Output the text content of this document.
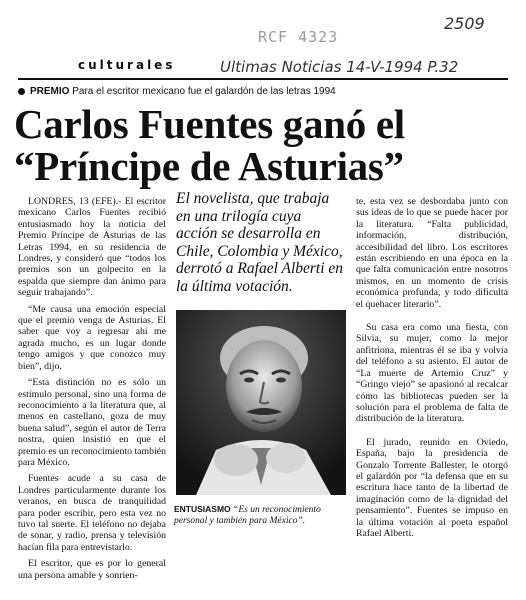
2509
RCF 4323
Ultimas Noticias 14-V-1994 P.32
culturales
PREMIO Para el escritor mexicano fue el galardón de las letras 1994
Carlos Fuentes ganó el
“Príncipe de Asturias”

LONDRES, 13 (EFE).- El escritor mexicano Carlos Fuentes recibió entusiasmado hoy la noticia del Premio Príncipe de Asturias de las Letras 1994, en su residencia de Londres, y consideró que “todos los premios son un golpecito en la espalda que siempre dan ánimo para seguir trabajando”.

“Me causa una emoción especial que el premio venga de Asturias. El saber que voy a regresar ahí me agrada mucho, es un lugar donde tengo amigos y que conozco muy bien”, dijo.

“Esta distinción no es sólo un estímulo personal, sino una forma de reconocimiento a la literatura que, al menos en castellano, goza de muy buena salud”, según el autor de Terra nostra, quien insistió en que el premio es un reconocimiento también para México.

Fuentes acude a su casa de Londres particularmente durante los veranos, en busca de tranquilidad para poder escribir, pero esta vez no tuvo tal suerte. El teléfono no dejaba de sonar, y radio, prensa y televisión hacían fila para entrevistarlo.

El escritor, que es por lo general una persona amable y sonrien-

El novelista, que trabaja en una trilogía cuya acción se desarrolla en Chile, Colombia y México, derrotó a Rafael Alberti en la última votación.
ENTUSIASMO “Es un reconocimiento personal y también para México”.

te, esta vez se desbordaba junto con sus ideas de lo que se puede hacer por la literatura. “Falta publicidad, información, distribución, accesibilidad del libro. Los escritores están escribiendo en una época en la que falta comunicación entre nosotros mismos, en un momento de crisis económica profunda, y todo dificulta el quehacer literario”.

Su casa era como una fiesta, con Silvia, su mujer, como la mejor anfitriona, mientras él se iba y volvía del teléfono a su asiento. El autor de “La muerte de Artemio Cruz” y “Gringo viejo” se apasionó al recalcar cómo las bibliotecas pueden ser la solución para el problema de falta de distribución de la literatura.

El jurado, reunido en Oviedo, España, bajo la presidencia de Gonzalo Torrente Ballester, le otorgó el galardón por “la defensa que en su escritura hace tanto de la libertad de imaginación como de la dignidad del pensamiento”. Fuentes se impuso en la última votación al poeta español Rafael Alberti.
